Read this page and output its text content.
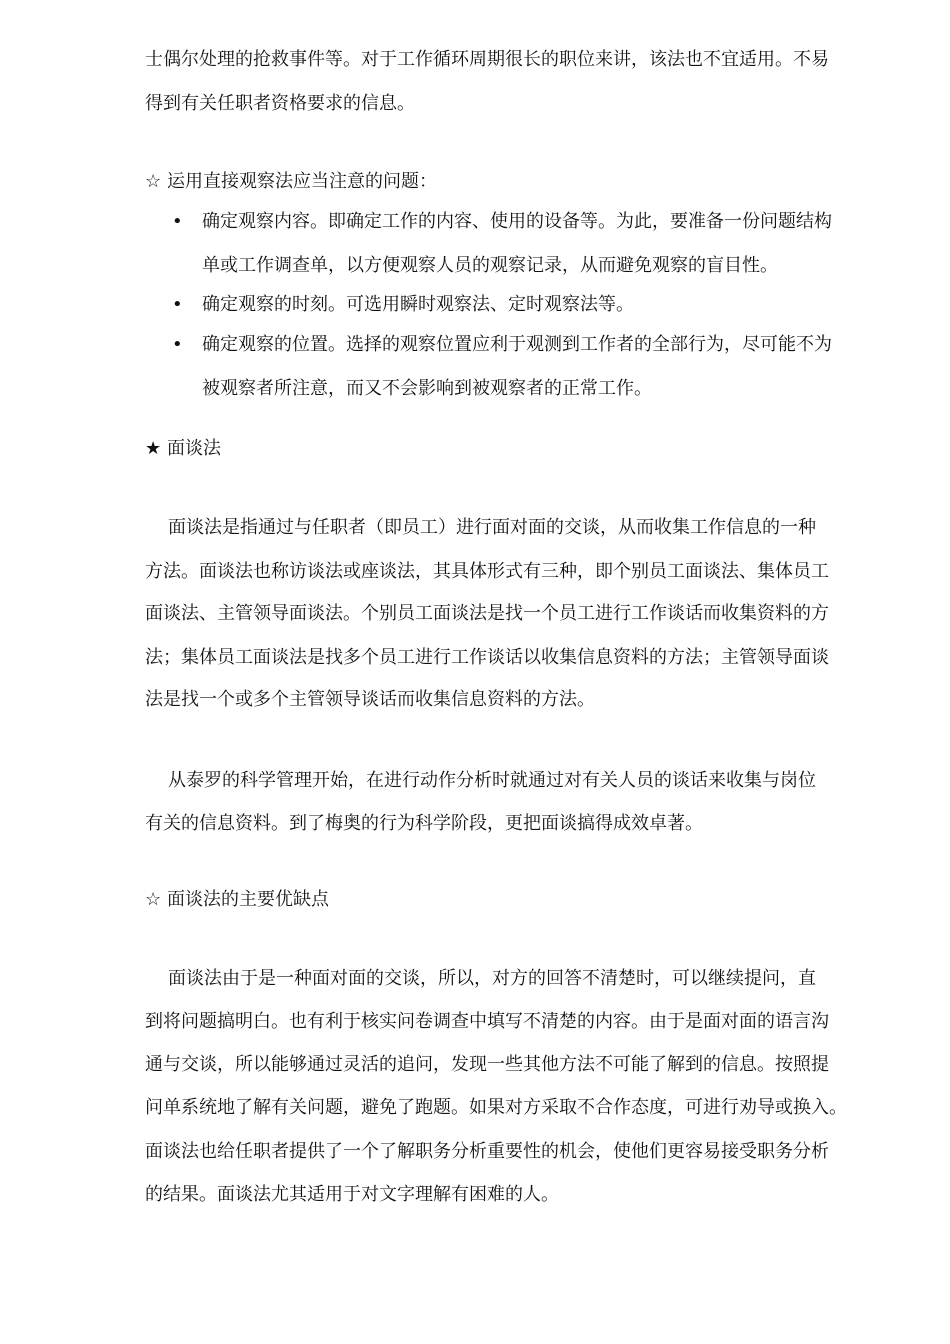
士偶尔处理的抢救事件等。对于工作循环周期很长的职位来讲，该法也不宜适用。不易
得到有关任职者资格要求的信息。
☆ 运用直接观察法应当注意的问题：
• 确定观察内容。即确定工作的内容、使用的设备等。为此，要准备一份问题结构
单或工作调查单，以方便观察人员的观察记录，从而避免观察的盲目性。
• 确定观察的时刻。可选用瞬时观察法、定时观察法等。
• 确定观察的位置。选择的观察位置应利于观测到工作者的全部行为，尽可能不为
被观察者所注意，而又不会影响到被观察者的正常工作。
★ 面谈法
面谈法是指通过与任职者（即员工）进行面对面的交谈，从而收集工作信息的一种
方法。面谈法也称访谈法或座谈法，其具体形式有三种，即个别员工面谈法、集体员工
面谈法、主管领导面谈法。个别员工面谈法是找一个员工进行工作谈话而收集资料的方
法；集体员工面谈法是找多个员工进行工作谈话以收集信息资料的方法；主管领导面谈
法是找一个或多个主管领导谈话而收集信息资料的方法。
从泰罗的科学管理开始，在进行动作分析时就通过对有关人员的谈话来收集与岗位
有关的信息资料。到了梅奥的行为科学阶段，更把面谈搞得成效卓著。
☆ 面谈法的主要优缺点
面谈法由于是一种面对面的交谈，所以，对方的回答不清楚时，可以继续提问，直
到将问题搞明白。也有利于核实问卷调查中填写不清楚的内容。由于是面对面的语言沟
通与交谈，所以能够通过灵活的追问，发现一些其他方法不可能了解到的信息。按照提
问单系统地了解有关问题，避免了跑题。如果对方采取不合作态度，可进行劝导或换入。
面谈法也给任职者提供了一个了解职务分析重要性的机会，使他们更容易接受职务分析
的结果。面谈法尤其适用于对文字理解有困难的人。
